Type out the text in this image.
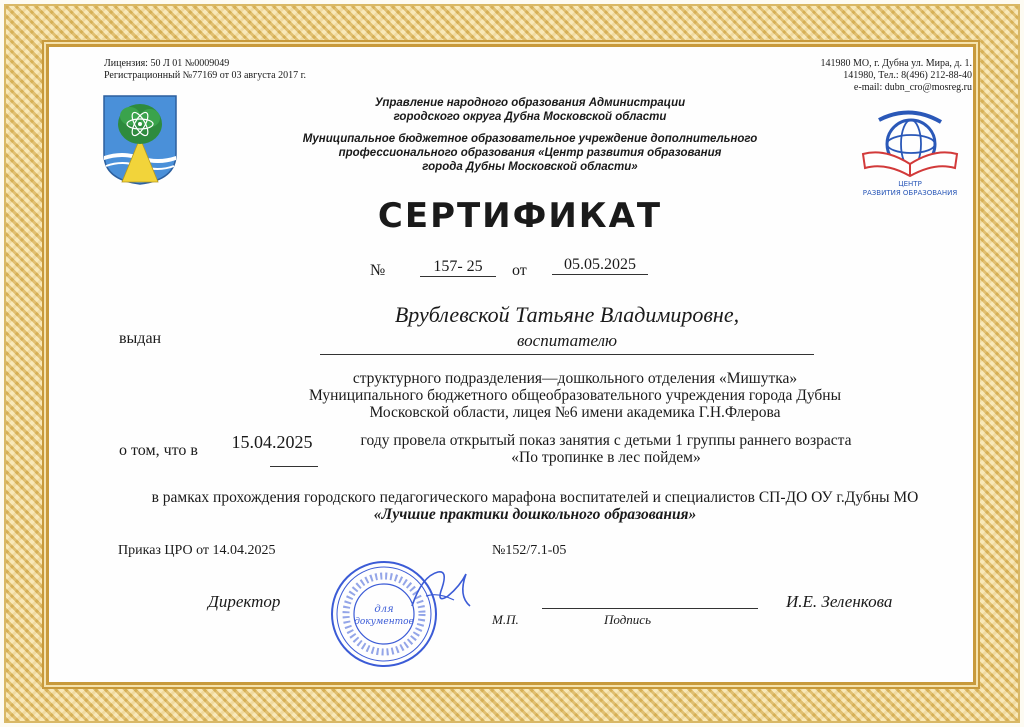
Лицензия: 50 Л 01 №0009049
Регистрационный №77169 от 03 августа 2017 г.
141980 МО, г. Дубна ул. Мира, д. 1.
141980, Тел.: 8(496) 212-88-40
e-mail: dubn_cro@mosreg.ru
ЦЕНТР
РАЗВИТИЯ ОБРАЗОВАНИЯ
Управление народного образования Администрации
городского округа Дубна Московской области
Муниципальное бюджетное образовательное учреждение дополнительного
профессионального образования «Центр развития образования
города Дубны Московской области»
СЕРТИФИКАТ
№	157- 25	от	05.05.2025
выдан
Врублевской Татьяне Владимировне,
воспитателю
структурного подразделения—дошкольного отделения «Мишутка»
Муниципального бюджетного общеобразовательного учреждения города Дубны
Московской области, лицея №6 имени академика Г.Н.Флерова
о том, что в	15.04.2025	году провела открытый показ занятия с детьми 1 группы раннего возраста
«По тропинке в лес пойдем»
в рамках прохождения городского педагогического марафона воспитателей и специалистов СП-ДО ОУ г.Дубны МО
«Лучшие практики дошкольного образования»
Приказ ЦРО от 14.04.2025	№152/7.1-05
Директор	для
документов	М.П.	Подпись
И.Е. Зеленкова
